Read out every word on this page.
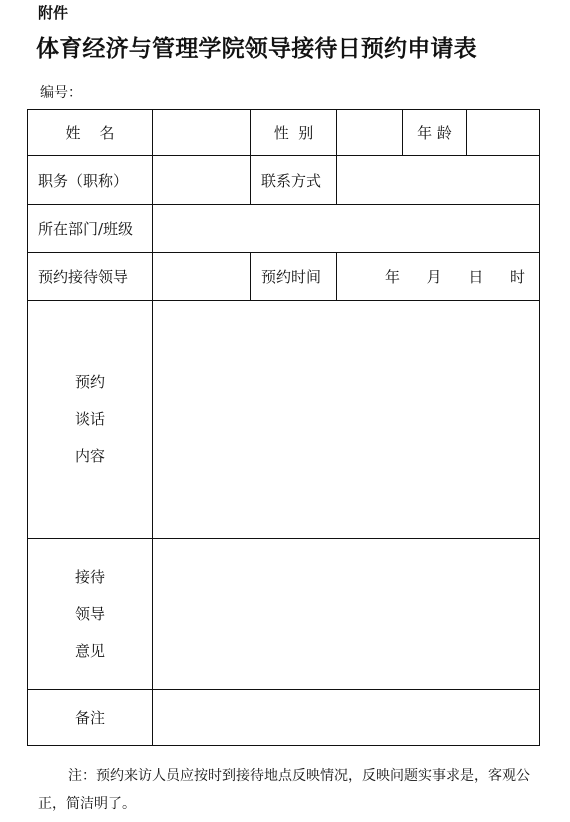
附件
体育经济与管理学院领导接待日预约申请表
编号：
姓    名		性  别		年 龄	
职务（职称）		联系方式			
所在部门/班级					
预约接待领导		预约时间	年 月 日 时		

预约
谈话
内容					

接待
领导
意见					

备注					
注：预约来访人员应按时到接待地点反映情况，反映问题实事求是，客观公正，简洁明了。
